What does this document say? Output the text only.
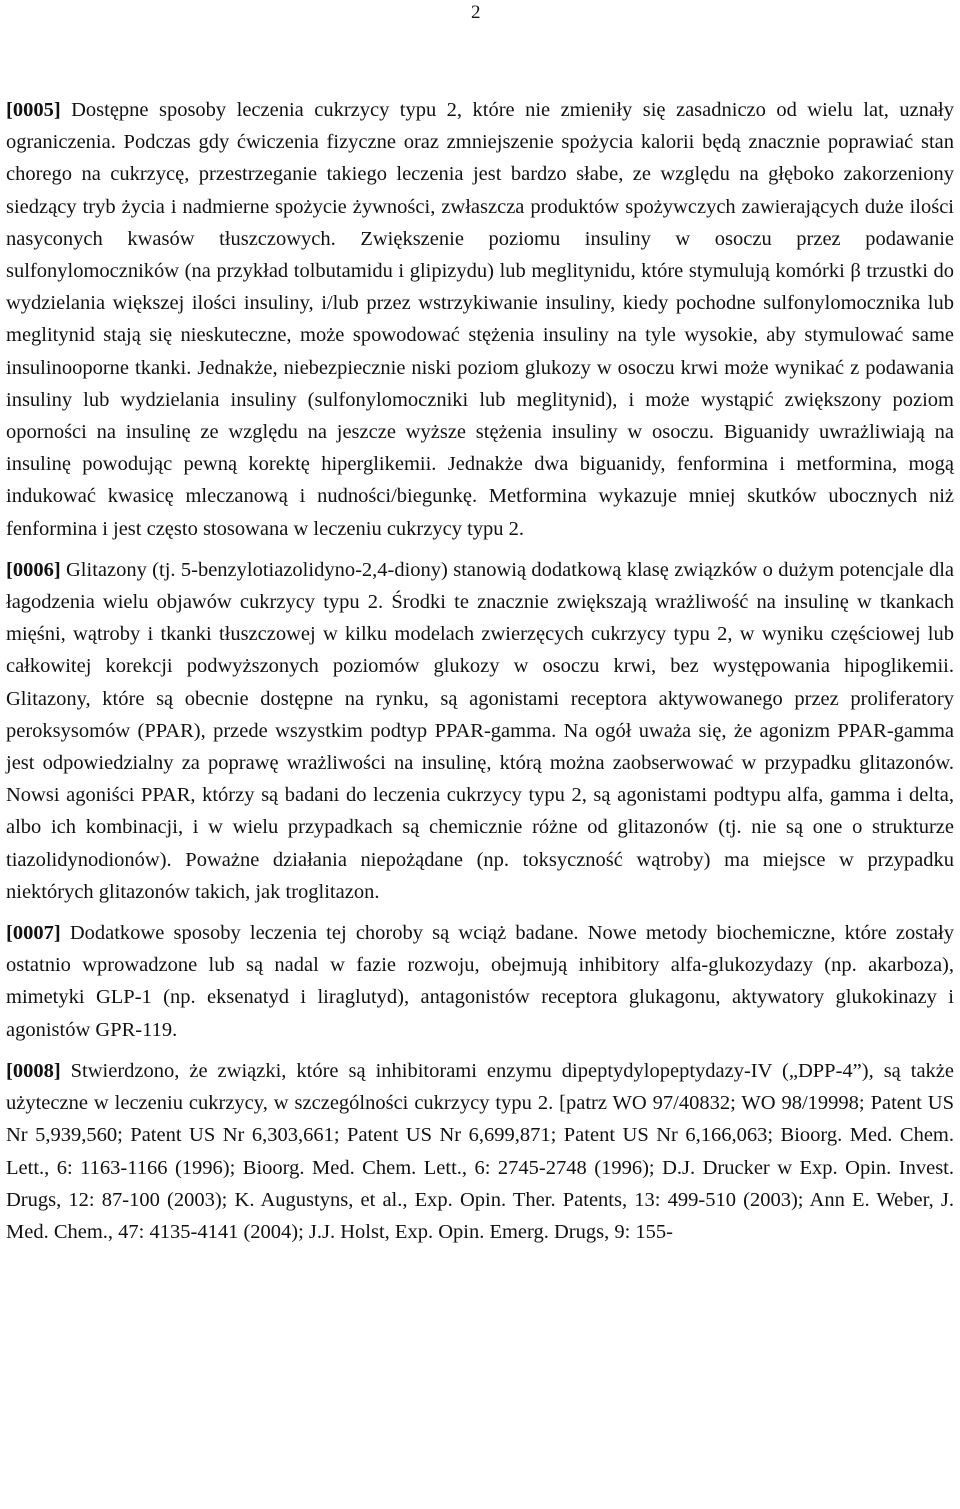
2

[0005] Dostępne sposoby leczenia cukrzycy typu 2, które nie zmieniły się zasadniczo od wielu lat, uznały ograniczenia. Podczas gdy ćwiczenia fizyczne oraz zmniejszenie spożycia kalorii będą znacznie poprawiać stan chorego na cukrzycę, przestrzeganie takiego leczenia jest bardzo słabe, ze względu na głęboko zakorzeniony siedzący tryb życia i nadmierne spożycie żywności, zwłaszcza produktów spożywczych zawierających duże ilości nasyconych kwasów tłuszczowych. Zwiększenie poziomu insuliny w osoczu przez podawanie sulfonylomoczników (na przykład tolbutamidu i glipizydu) lub meglitynidu, które stymulują komórki β trzustki do wydzielania większej ilości insuliny, i/lub przez wstrzykiwanie insuliny, kiedy pochodne sulfonylomocznika lub meglitynid stają się nieskuteczne, może spowodować stężenia insuliny na tyle wysokie, aby stymulować same insulinooporne tkanki. Jednakże, niebezpiecznie niski poziom glukozy w osoczu krwi może wynikać z podawania insuliny lub wydzielania insuliny (sulfonylomoczniki lub meglitynid), i może wystąpić zwiększony poziom oporności na insulinę ze względu na jeszcze wyższe stężenia insuliny w osoczu. Biguanidy uwrażliwiają na insulinę powodując pewną korektę hiperglikemii. Jednakże dwa biguanidy, fenformina i metformina, mogą indukować kwasicę mleczanową i nudności/biegunkę. Metformina wykazuje mniej skutków ubocznych niż fenformina i jest często stosowana w leczeniu cukrzycy typu 2.

[0006] Glitazony (tj. 5-benzylotiazolidyno-2,4-diony) stanowią dodatkową klasę związków o dużym potencjale dla łagodzenia wielu objawów cukrzycy typu 2. Środki te znacznie zwiększają wrażliwość na insulinę w tkankach mięśni, wątroby i tkanki tłuszczowej w kilku modelach zwierzęcych cukrzycy typu 2, w wyniku częściowej lub całkowitej korekcji podwyższonych poziomów glukozy w osoczu krwi, bez występowania hipoglikemii. Glitazony, które są obecnie dostępne na rynku, są agonistami receptora aktywowanego przez proliferatory peroksysomów (PPAR), przede wszystkim podtyp PPAR-gamma. Na ogół uważa się, że agonizm PPAR-gamma jest odpowiedzialny za poprawę wrażliwości na insulinę, którą można zaobserwować w przypadku glitazonów. Nowsi agoniści PPAR, którzy są badani do leczenia cukrzycy typu 2, są agonistami podtypu alfa, gamma i delta, albo ich kombinacji, i w wielu przypadkach są chemicznie różne od glitazonów (tj. nie są one o strukturze tiazolidynodionów). Poważne działania niepożądane (np. toksyczność wątroby) ma miejsce w przypadku niektórych glitazonów takich, jak troglitazon.

[0007] Dodatkowe sposoby leczenia tej choroby są wciąż badane. Nowe metody biochemiczne, które zostały ostatnio wprowadzone lub są nadal w fazie rozwoju, obejmują inhibitory alfa-glukozydazy (np. akarboza), mimetyki GLP-1 (np. eksenatyd i liraglutyd), antagonistów receptora glukagonu, aktywatory glukokinazy i agonistów GPR-119.

[0008] Stwierdzono, że związki, które są inhibitorami enzymu dipeptydylopeptydazy-IV („DPP-4”), są także użyteczne w leczeniu cukrzycy, w szczególności cukrzycy typu 2. [patrz WO 97/40832; WO 98/19998; Patent US Nr 5,939,560; Patent US Nr 6,303,661; Patent US Nr 6,699,871; Patent US Nr 6,166,063; Bioorg. Med. Chem. Lett., 6: 1163-1166 (1996); Bioorg. Med. Chem. Lett., 6: 2745-2748 (1996); D.J. Drucker w Exp. Opin. Invest. Drugs, 12: 87-100 (2003); K. Augustyns, et al., Exp. Opin. Ther. Patents, 13: 499-510 (2003); Ann E. Weber, J. Med. Chem., 47: 4135-4141 (2004); J.J. Holst, Exp. Opin. Emerg. Drugs, 9: 155-
